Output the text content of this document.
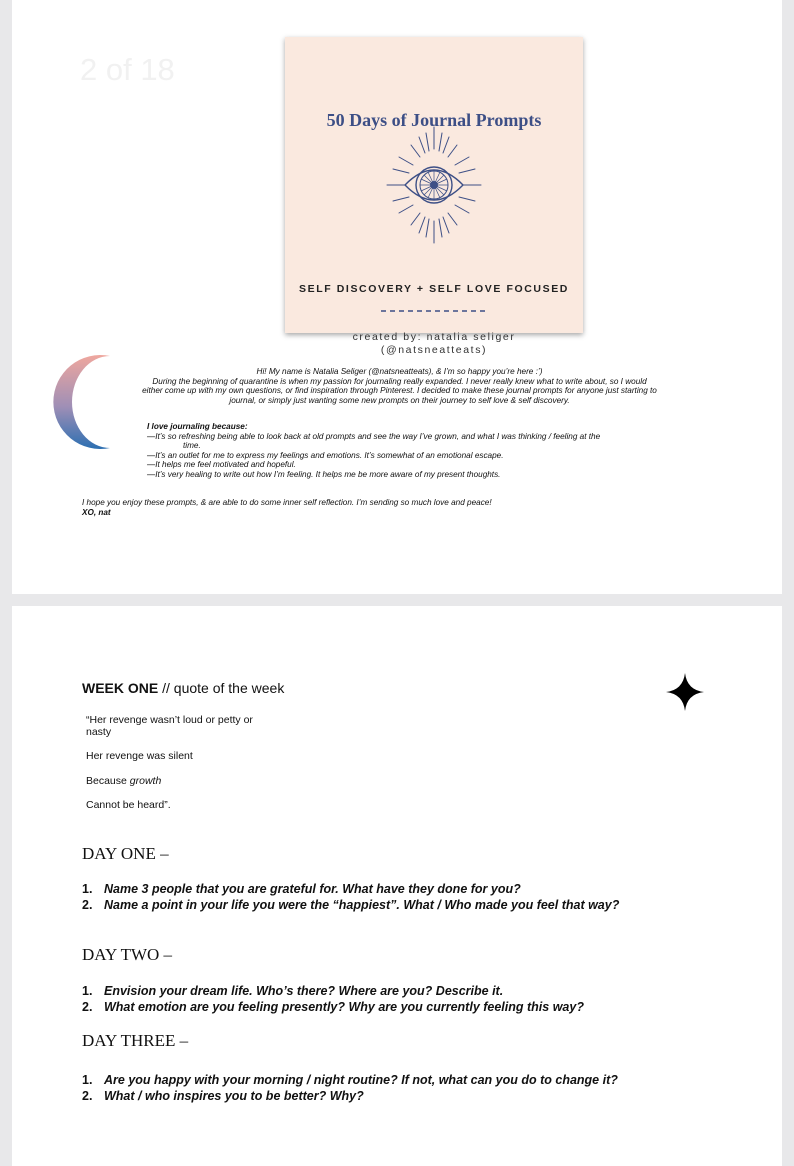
2 of 18
50 Days of Journal Prompts
SELF DISCOVERY + SELF LOVE FOCUSED
created by: natalia seliger
(@natsneatteats)
Hi! My name is Natalia Seliger (@natsneatteats), & I’m so happy you’re here :’)
During the beginning of quarantine is when my passion for journaling really expanded. I never really knew what to write about, so I would
either come up with my own questions, or find inspiration through Pinterest. I decided to make these journal prompts for anyone just starting to
journal, or simply just wanting some new prompts on their journey to self love & self discovery.
I love journaling because:
—It’s so refreshing being able to look back at old prompts and see the way I’ve grown, and what I was thinking / feeling at the
time.
—It’s an outlet for me to express my feelings and emotions. It’s somewhat of an emotional escape.
—It helps me feel motivated and hopeful.
—It’s very healing to write out how I’m feeling. It helps me be more aware of my present thoughts.
I hope you enjoy these prompts, & are able to do some inner self reflection. I’m sending so much love and peace!
XO, nat
WEEK ONE // quote of the week
“Her revenge wasn’t loud or petty or
nasty
Her revenge was silent
Because growth
Cannot be heard”.
DAY ONE –
1. Name 3 people that you are grateful for. What have they done for you?
2. Name a point in your life you were the “happiest”. What / Who made you feel that way?
DAY TWO –
1. Envision your dream life. Who’s there? Where are you? Describe it.
2. What emotion are you feeling presently? Why are you currently feeling this way?
DAY THREE –
1. Are you happy with your morning / night routine? If not, what can you do to change it?
2. What / who inspires you to be better? Why?
